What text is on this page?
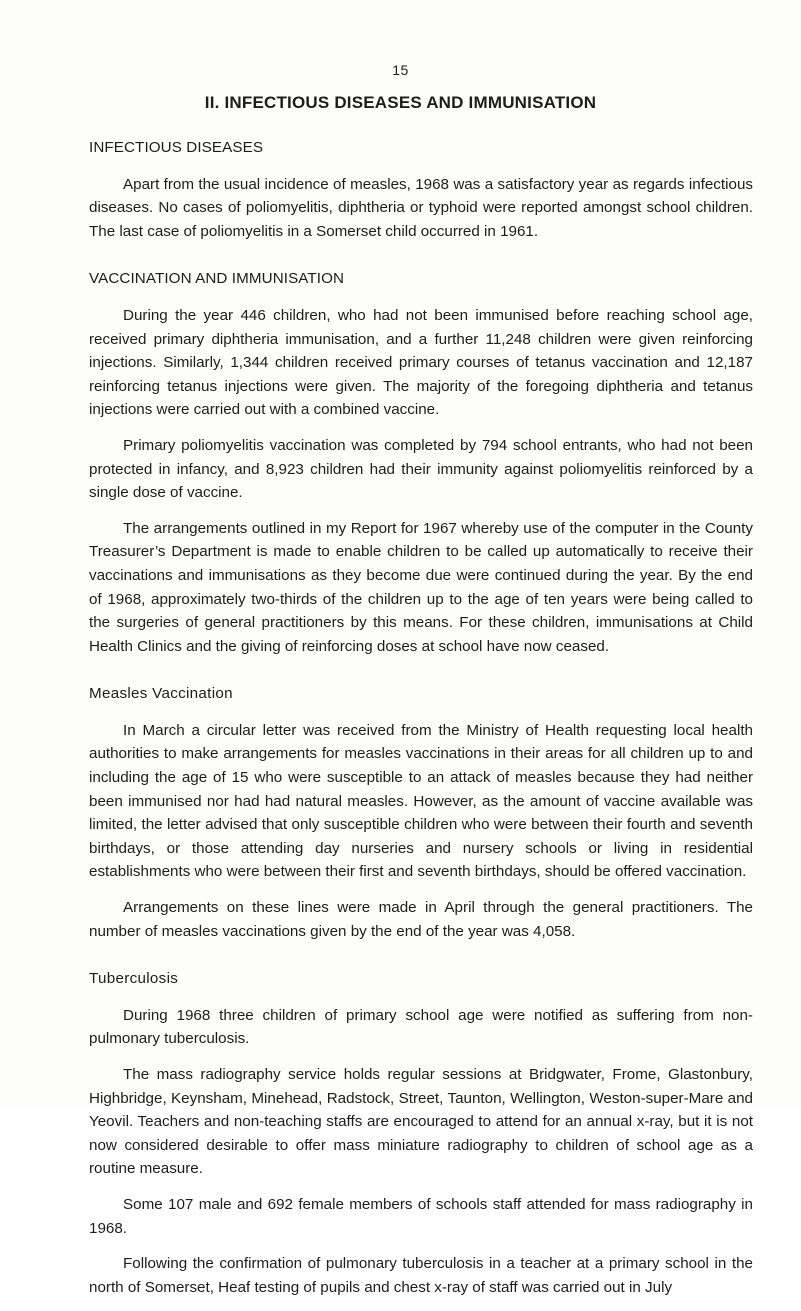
15
II. INFECTIOUS DISEASES AND IMMUNISATION
INFECTIOUS DISEASES

Apart from the usual incidence of measles, 1968 was a satisfactory year as regards infectious diseases. No cases of poliomyelitis, diphtheria or typhoid were reported amongst school children. The last case of poliomyelitis in a Somerset child occurred in 1961.

VACCINATION AND IMMUNISATION

During the year 446 children, who had not been immunised before reaching school age, received primary diphtheria immunisation, and a further 11,248 children were given reinforcing injections. Similarly, 1,344 children received primary courses of tetanus vaccination and 12,187 reinforcing tetanus injections were given. The majority of the foregoing diphtheria and tetanus injections were carried out with a combined vaccine.

Primary poliomyelitis vaccination was completed by 794 school entrants, who had not been protected in infancy, and 8,923 children had their immunity against poliomyelitis reinforced by a single dose of vaccine.

The arrangements outlined in my Report for 1967 whereby use of the computer in the County Treasurer’s Department is made to enable children to be called up automatically to receive their vaccinations and immunisations as they become due were continued during the year. By the end of 1968, approximately two-thirds of the children up to the age of ten years were being called to the surgeries of general practitioners by this means. For these children, immunisations at Child Health Clinics and the giving of reinforcing doses at school have now ceased.

Measles Vaccination

In March a circular letter was received from the Ministry of Health requesting local health authorities to make arrangements for measles vaccinations in their areas for all children up to and including the age of 15 who were susceptible to an attack of measles because they had neither been immunised nor had had natural measles. However, as the amount of vaccine available was limited, the letter advised that only susceptible children who were between their fourth and seventh birthdays, or those attending day nurseries and nursery schools or living in residential establishments who were between their first and seventh birthdays, should be offered vaccination.

Arrangements on these lines were made in April through the general practitioners. The number of measles vaccinations given by the end of the year was 4,058.

Tuberculosis

During 1968 three children of primary school age were notified as suffering from non-pulmonary tuberculosis.

The mass radiography service holds regular sessions at Bridgwater, Frome, Glastonbury, Highbridge, Keynsham, Minehead, Radstock, Street, Taunton, Wellington, Weston-super-Mare and Yeovil. Teachers and non-teaching staffs are encouraged to attend for an annual x-ray, but it is not now considered desirable to offer mass miniature radiography to children of school age as a routine measure.

Some 107 male and 692 female members of schools staff attended for mass radiography in 1968.

Following the confirmation of pulmonary tuberculosis in a teacher at a primary school in the north of Somerset, Heaf testing of pupils and chest x-ray of staff was carried out in July
